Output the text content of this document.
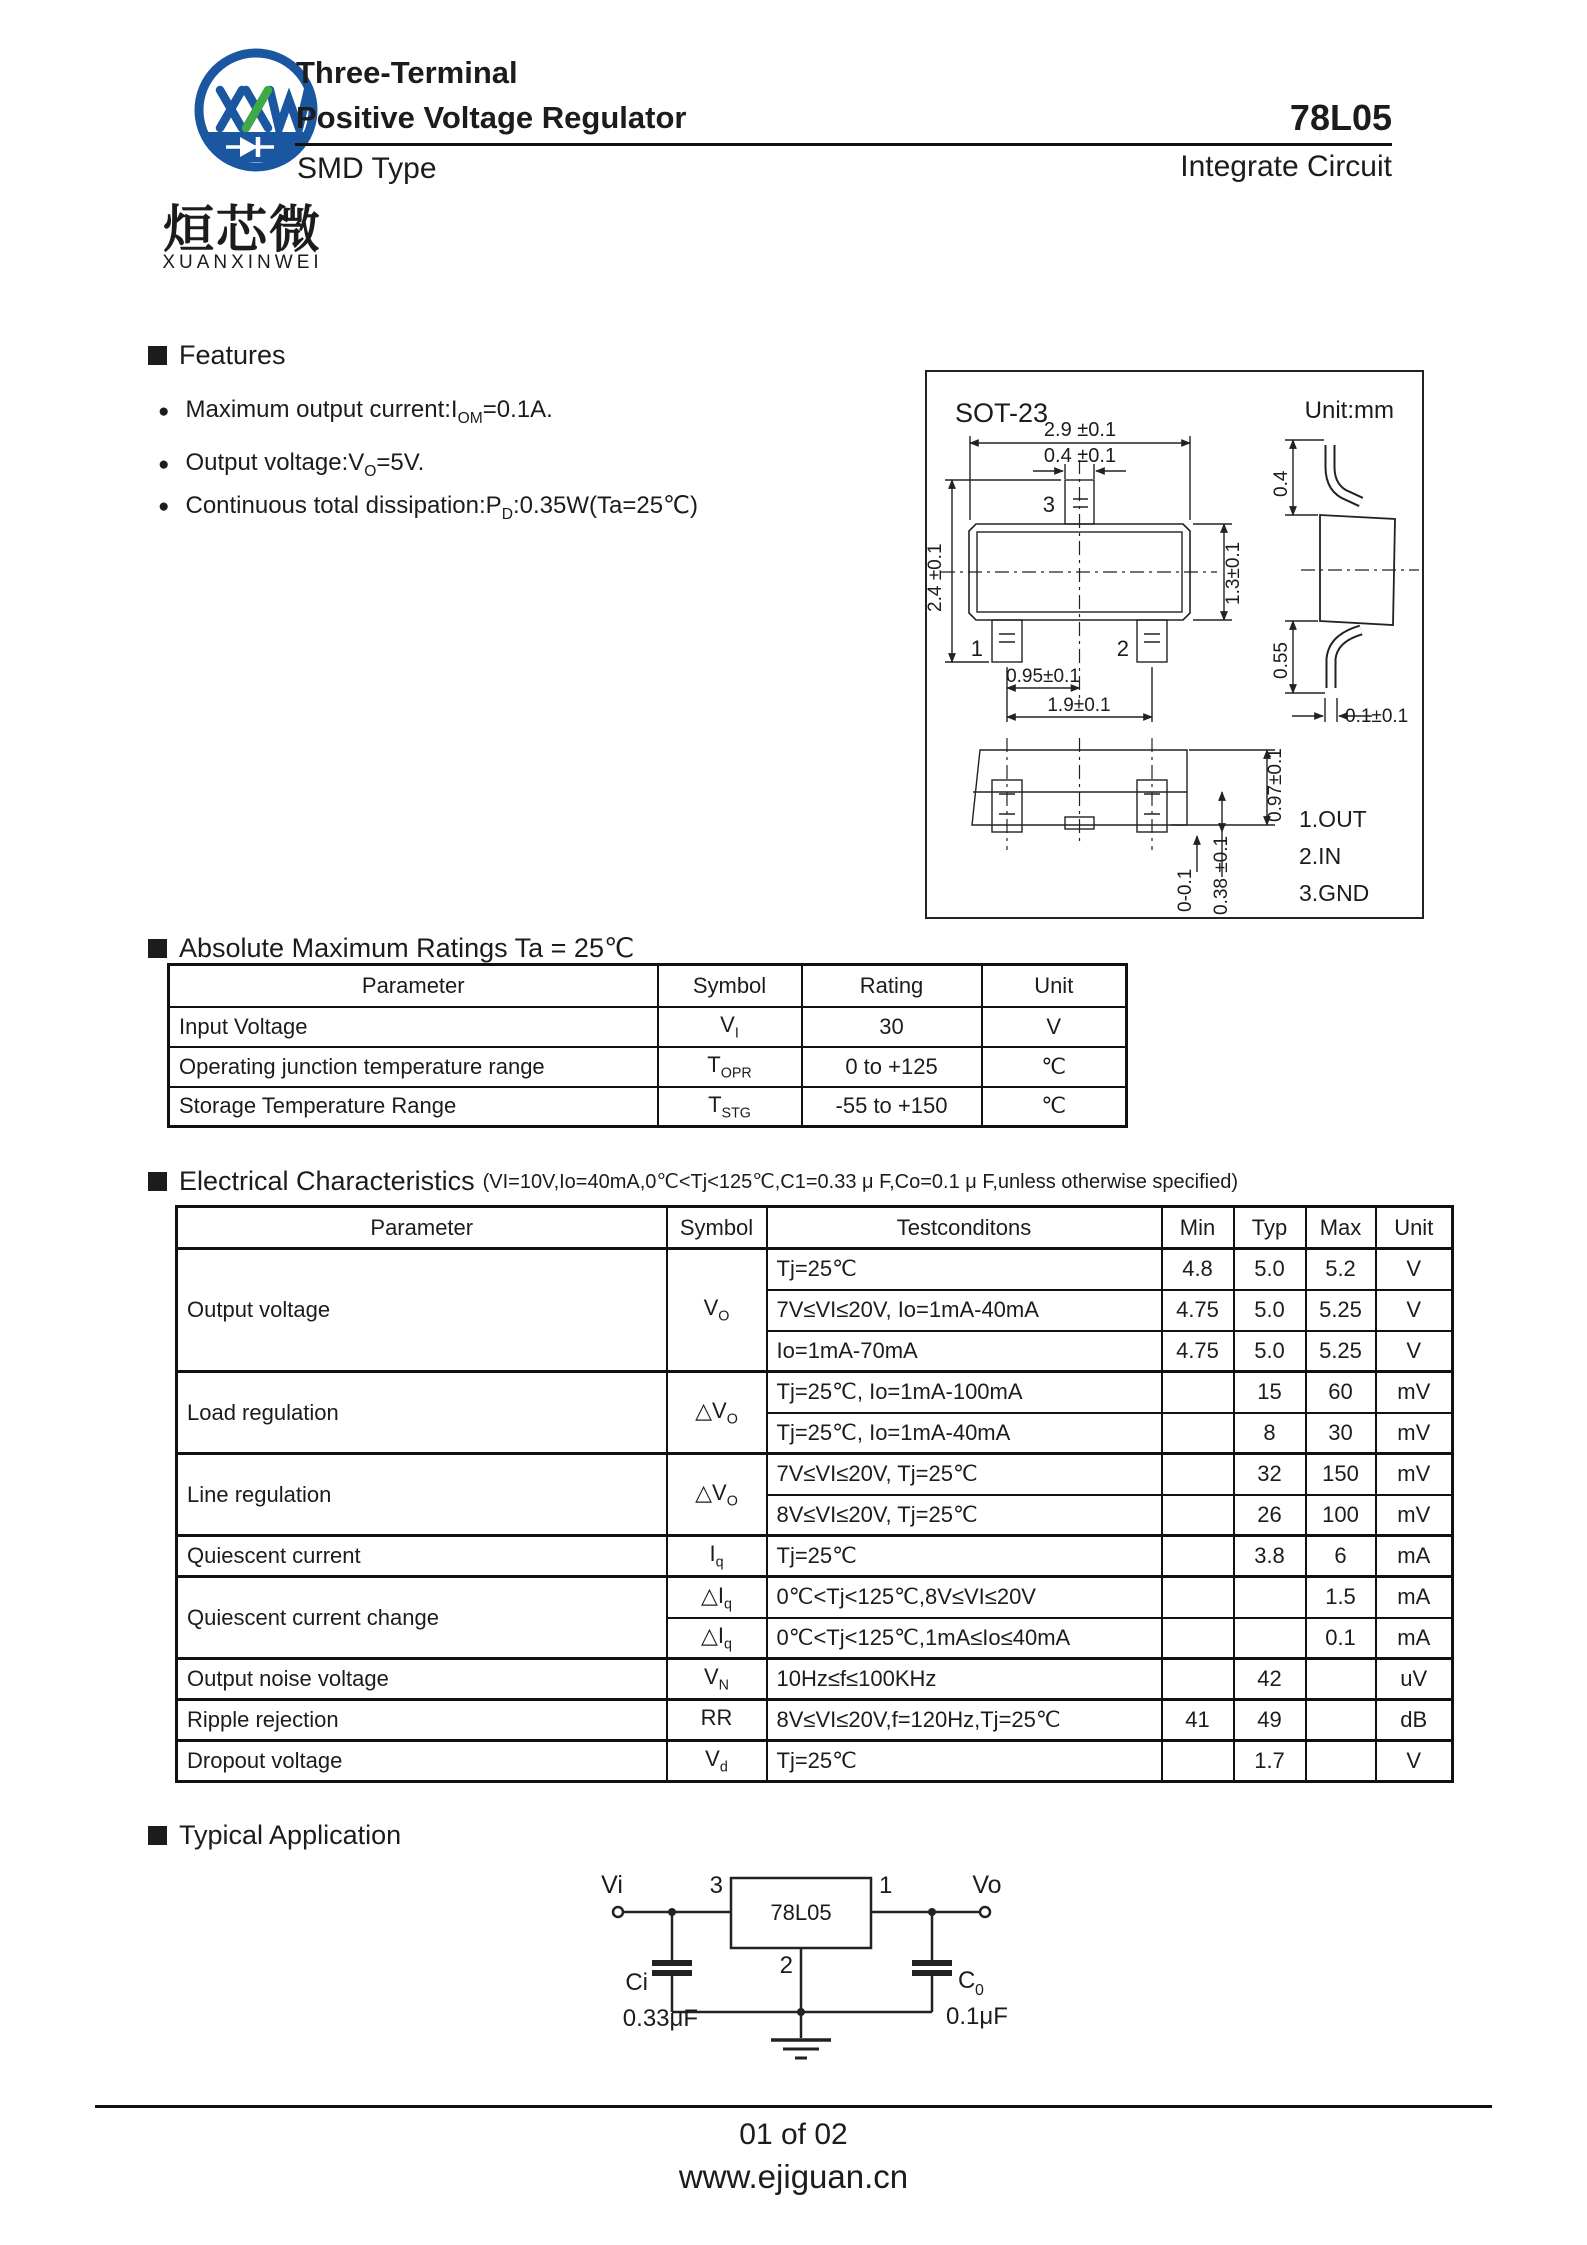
烜芯微
XUANXINWEI
Three-Terminal
Positive Voltage Regulator	78L05
SMD Type	Integrate Circuit
Features
● Maximum output $current:I_{OM}=0.1A$.
● Output $voltage:V_O=5V$.
● Continuous total $dissipation:P_D:0.35W(Ta=25℃)$
SOT-23	Unit:mm
2.9 ±0.1
0.4 ±0.1
3
1	2
2.4 ±0.1	1.3±0.1
0.95±0.1
1.9±0.1
0.4
0.55
0.1±0.1
0.97±0.1
0-0.1 0.38 ±0.1
1.OUT
2.IN
3.GND
Absolute Maximum Ratings Ta = 25℃
Parameter	Symbol	Rating	Unit
Input Voltage	$V_I$	30	V
Operating junction temperature range	$T_{OPR}$	0 to +125	℃
Storage Temperature Range	$T_{STG}$	-55 to +150	℃
Electrical Characteristics (VI=10V,Io=40mA,0℃<Tj<125℃,C1=0.33 μ F,Co=0.1 μ F,unless otherwise specified)
Parameter	Symbol	Testconditons	Min	Typ	Max	Unit
Output voltage	$V_O$	Tj=25℃	4.8	5.0	5.2	V
		7V≤VI≤20V, Io=1mA-40mA	4.75	5.0	5.25	V
		Io=1mA-70mA	4.75	5.0	5.25	V
Load regulation	$\triangle V_O$	Tj=25℃, Io=1mA-100mA		15	60	mV
		Tj=25℃, Io=1mA-40mA		8	30	mV
Line regulation	$\triangle V_O$	7V≤VI≤20V, Tj=25℃		32	150	mV
		8V≤VI≤20V, Tj=25℃		26	100	mV
Quiescent current	$I_q$	Tj=25℃		3.8	6	mA
Quiescent current change	$\triangle I_q$	0℃<Tj<125℃,8V≤VI≤20V			1.5	mA
	$\triangle I_q$	0℃<Tj<125℃,1mA≤Io≤40mA			0.1	mA
Output noise voltage	$V_N$	10Hz≤f≤100KHz		42		uV
Ripple rejection	RR	8V≤VI≤20V,f=120Hz,Tj=25℃	41	49		dB
Dropout voltage	$V_d$	Tj=25℃		1.7		V
Typical Application
78L05
Vi	Vo
3	1
2
Ci
0.33μF
C 0
0.1μF
01 of 02
www.ejiguan.cn
